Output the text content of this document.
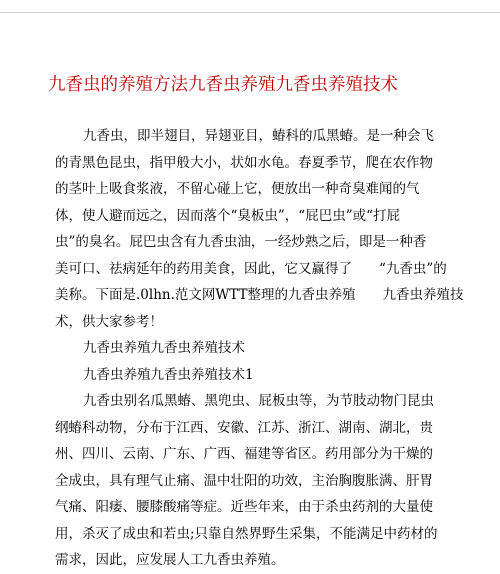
九香虫的养殖方法九香虫养殖九香虫养殖技术
九香虫，即半翅目，异翅亚目，蝽科的瓜黑蝽。是一种会飞
的青黑色昆虫，指甲般大小，状如水龟。春夏季节，爬在农作物
的茎叶上吸食浆液，不留心碰上它，便放出一种奇臭难闻的气
体，使人避而远之，因而落个“臭板虫”，“屁巴虫”或“打屁
虫”的臭名。屁巴虫含有九香虫油，一经炒熟之后，即是一种香
美可口、祛病延年的药用美食，因此，它又赢得了　　“九香虫”的
美称。下面是.0lhn.范文网WTT整理的九香虫养殖　　九香虫养殖技
术，供大家参考！
九香虫养殖九香虫养殖技术
九香虫养殖九香虫养殖技术1
九香虫别名瓜黑蝽、黑兜虫、屁板虫等，为节肢动物门昆虫
纲蝽科动物，分布于江西、安徽、江苏、浙江、湖南、湖北，贵
州、四川、云南、广东、广西、福建等省区。药用部分为干燥的
全成虫，具有理气止痛、温中壮阳的功效，主治胸腹胀满、肝胃
气痛、阳痿、腰膝酸痛等症。近些年来，由于杀虫药剂的大量使
用，杀灭了成虫和若虫;只靠自然界野生采集，不能满足中药材的
需求，因此，应发展人工九香虫养殖。
